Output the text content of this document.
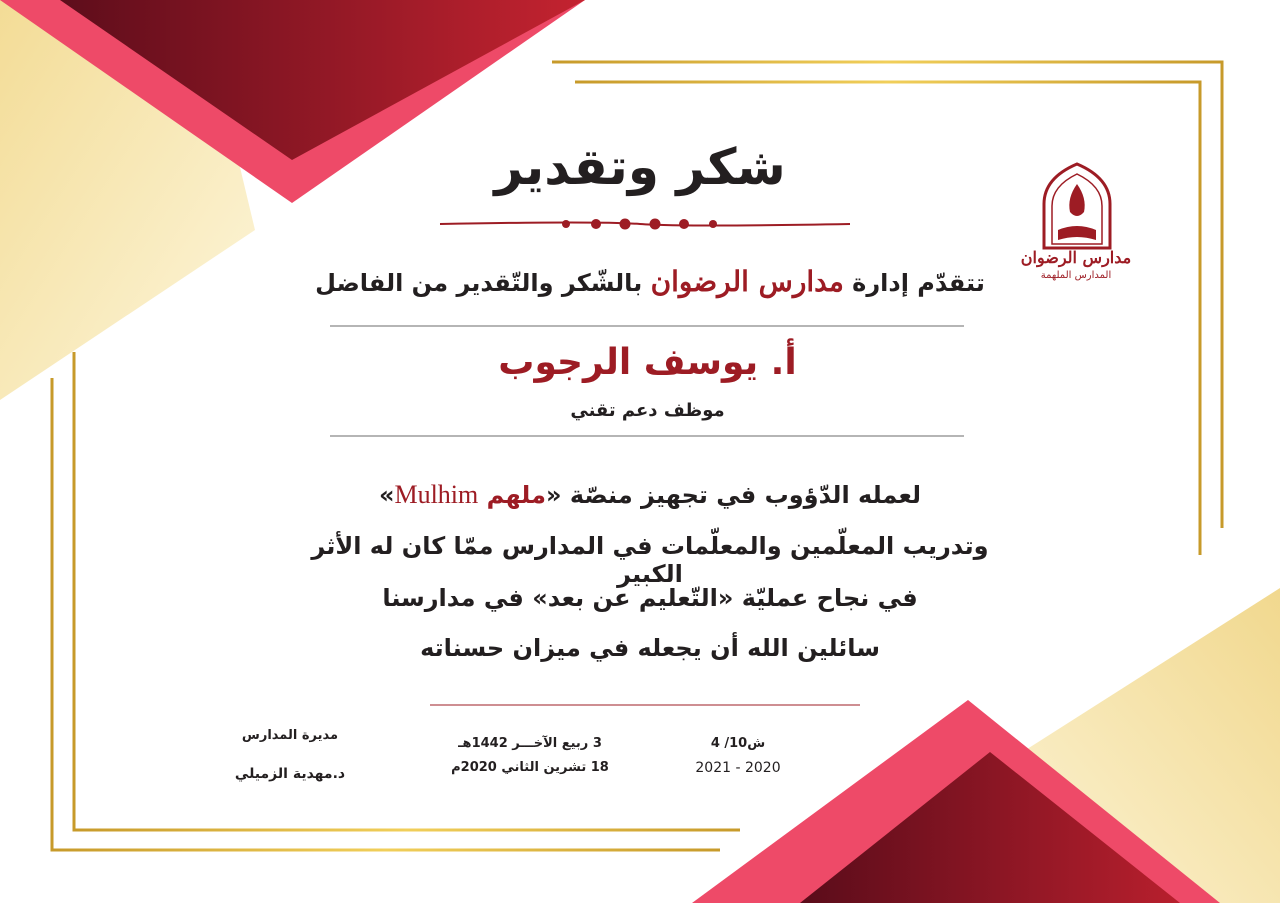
مدارس الرضوان
المدارس الملهمة
شكر وتقدير
تتقدّم إدارة مدارس الرضوان بالشّكر والتّقدير من الفاضل
أ. يوسف الرجوب
موظف دعم تقني
لعمله الدّؤوب في تجهيز منصّة «ملهم Mulhim»
وتدريب المعلّمين والمعلّمات في المدارس ممّا كان له الأثر الكبير
في نجاح عمليّة «التّعليم عن بعد» في مدارسنا
سائلين الله أن يجعله في ميزان حسناته
مديرة المدارس
د.مهدية الزميلي
3 ربيع الآخـــر 1442هـ
18 تشرين الثاني 2020م
ش10/ 4
2020 - 2021
